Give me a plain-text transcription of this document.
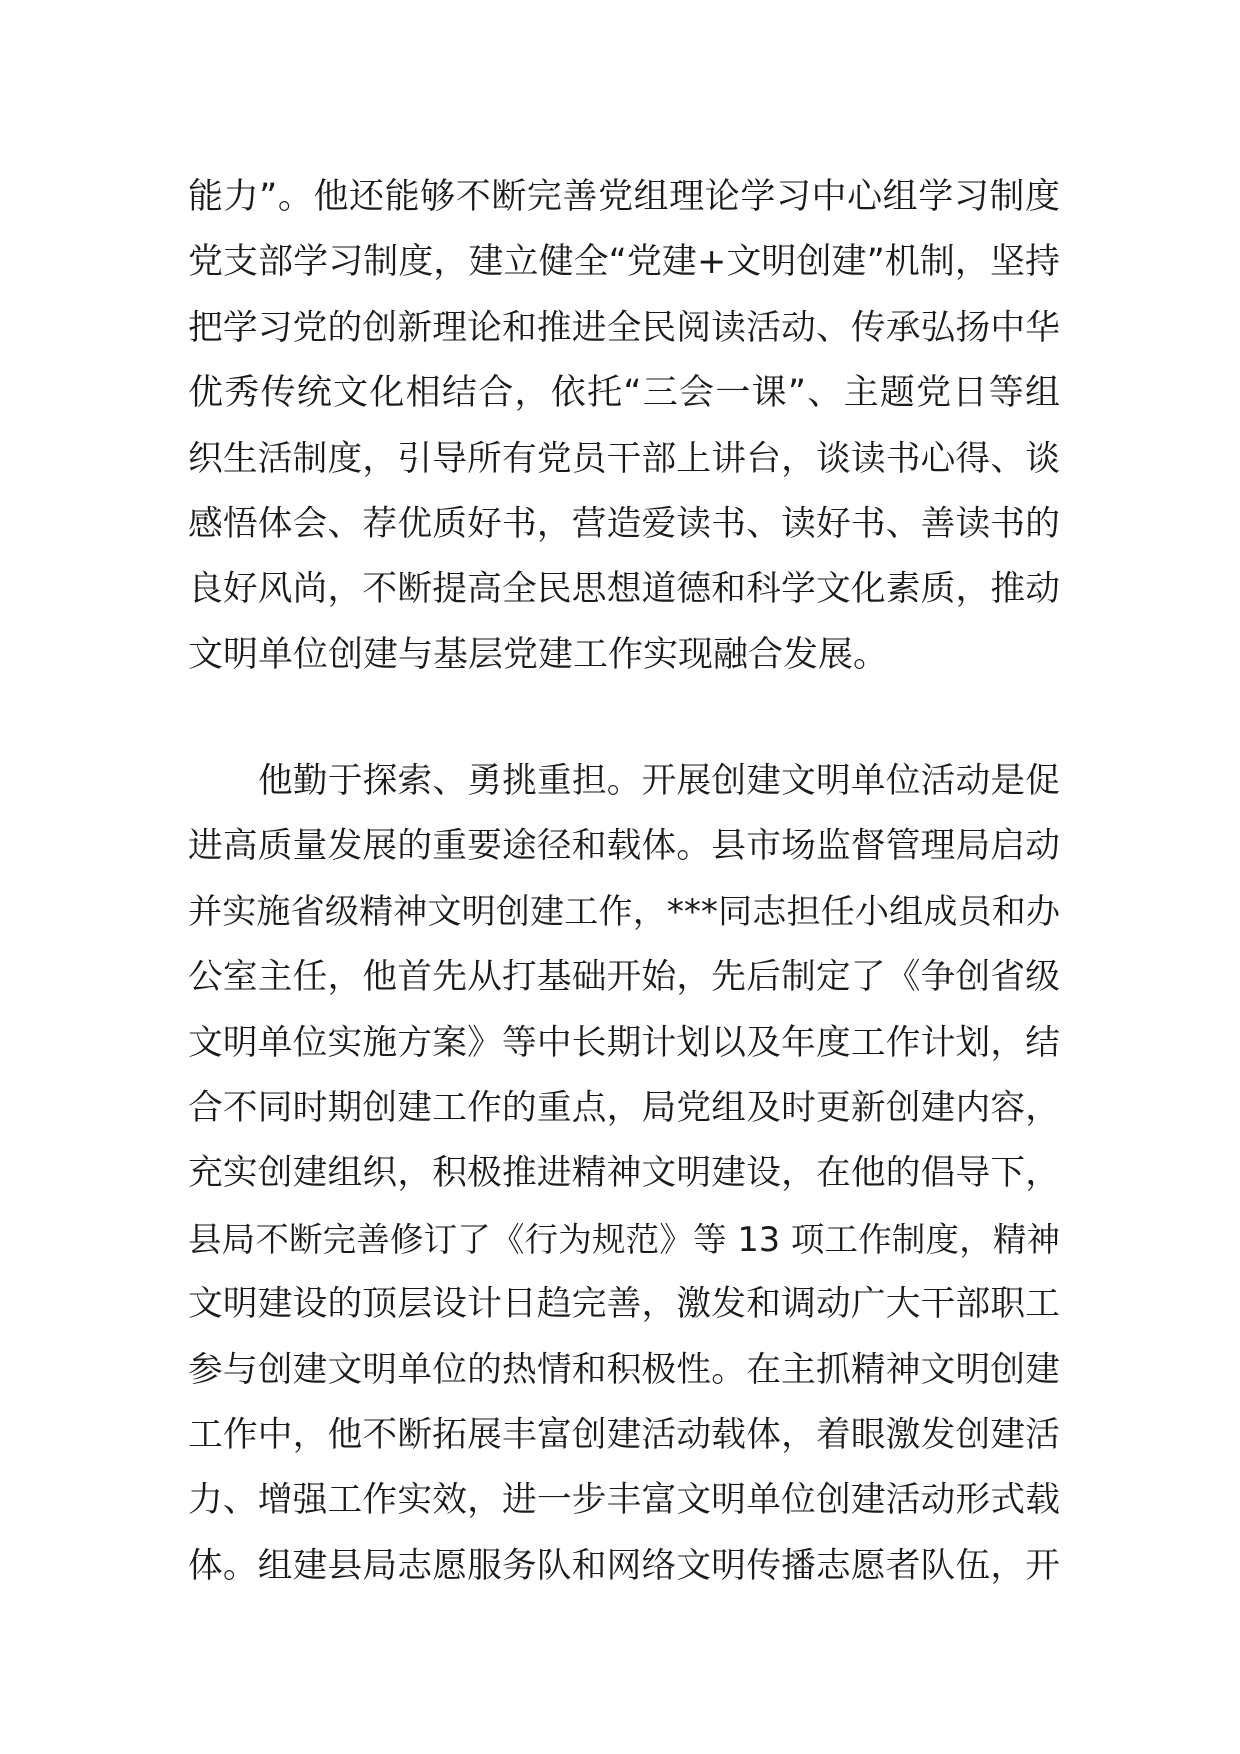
能力”。他还能够不断完善党组理论学习中心组学习制度
党支部学习制度，建立健全“党建+文明创建”机制，坚持
把学习党的创新理论和推进全民阅读活动、传承弘扬中华
优秀传统文化相结合，依托“三会一课”、主题党日等组
织生活制度，引导所有党员干部上讲台，谈读书心得、谈
感悟体会、荐优质好书，营造爱读书、读好书、善读书的
良好风尚，不断提高全民思想道德和科学文化素质，推动
文明单位创建与基层党建工作实现融合发展。
他勤于探索、勇挑重担。开展创建文明单位活动是促
进高质量发展的重要途径和载体。县市场监督管理局启动
并实施省级精神文明创建工作，***同志担任小组成员和办
公室主任，他首先从打基础开始，先后制定了《争创省级
文明单位实施方案》等中长期计划以及年度工作计划，结
合不同时期创建工作的重点，局党组及时更新创建内容，
充实创建组织，积极推进精神文明建设，在他的倡导下，
县局不断完善修订了《行为规范》等 13 项工作制度，精神
文明建设的顶层设计日趋完善，激发和调动广大干部职工
参与创建文明单位的热情和积极性。在主抓精神文明创建
工作中，他不断拓展丰富创建活动载体，着眼激发创建活
力、增强工作实效，进一步丰富文明单位创建活动形式载
体。组建县局志愿服务队和网络文明传播志愿者队伍，开
